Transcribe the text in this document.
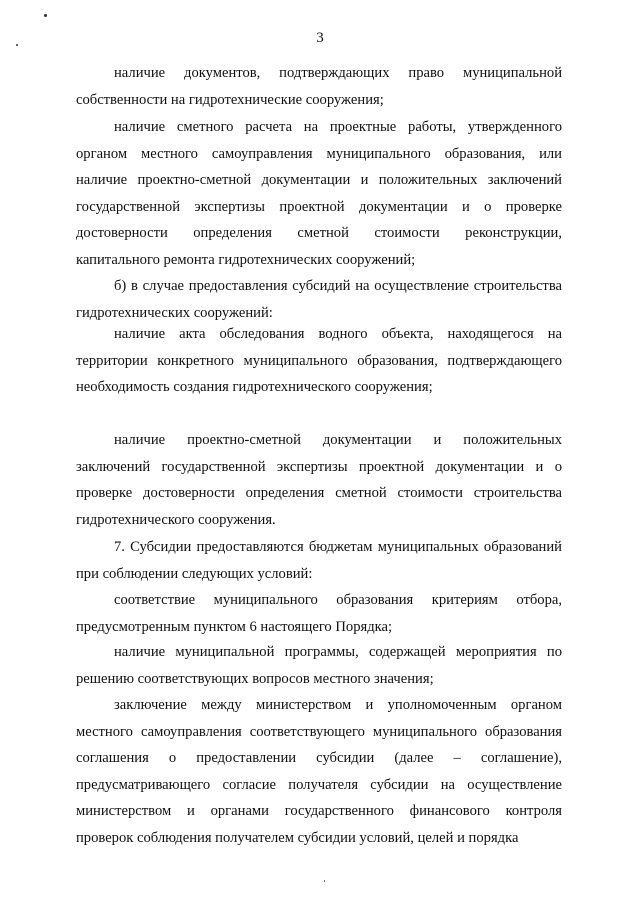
3

наличие документов, подтверждающих право муниципальной собственности на гидротехнические сооружения;

наличие сметного расчета на проектные работы, утвержденного органом местного самоуправления муниципального образования, или наличие проектно-сметной документации и положительных заключений государственной экспертизы проектной документации и о проверке достоверности определения сметной стоимости реконструкции, капитального ремонта гидротехнических сооружений;

б) в случае предоставления субсидий на осуществление строительства гидротехнических сооружений:

наличие акта обследования водного объекта, находящегося на территории конкретного муниципального образования, подтверждающего необходимость создания гидротехнического сооружения;

наличие проектно-сметной документации и положительных заключений государственной экспертизы проектной документации и о проверке достоверности определения сметной стоимости строительства гидротехнического сооружения.

7. Субсидии предоставляются бюджетам муниципальных образований при соблюдении следующих условий:

соответствие муниципального образования критериям отбора, предусмотренным пунктом 6 настоящего Порядка;

наличие муниципальной программы, содержащей мероприятия по решению соответствующих вопросов местного значения;

заключение между министерством и уполномоченным органом местного самоуправления соответствующего муниципального образования соглашения о предоставлении субсидии (далее – соглашение), предусматривающего согласие получателя субсидии на осуществление министерством и органами государственного финансового контроля проверок соблюдения получателем субсидии условий, целей и порядка
